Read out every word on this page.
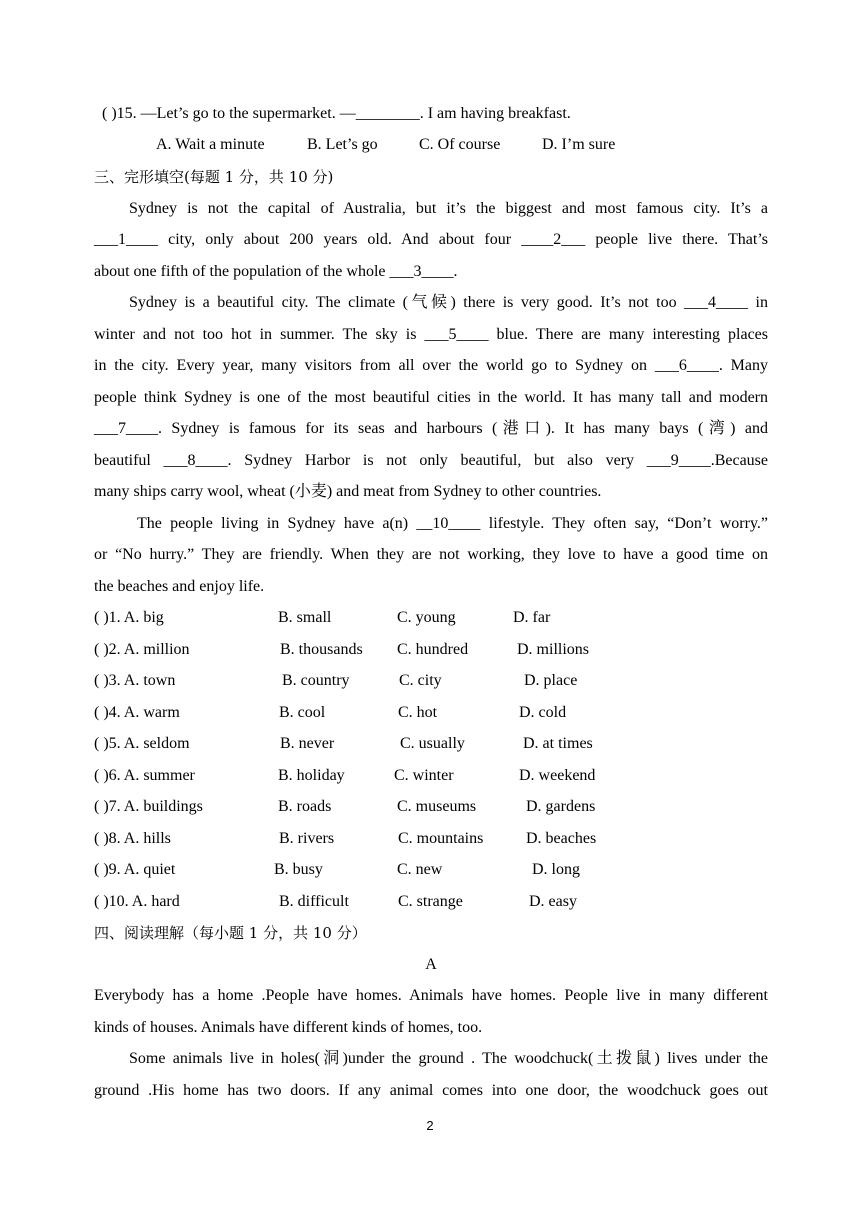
( )15. —Let’s go to the supermarket. —________. I am having breakfast.
A. Wait a minute	B. Let’s go	C. Of course	D. I’m sure
三、完形填空(每题 1 分，共 10 分)
Sydney is not the capital of Australia, but it’s the biggest and most famous city. It’s a
___1____ city, only about 200 years old. And about four ____2___ people live there. That’s
about one fifth of the population of the whole ___3____.
Sydney is a beautiful city. The climate (气候) there is very good. It’s not too ___4____ in
winter and not too hot in summer. The sky is ___5____ blue. There are many interesting places
in the city. Every year, many visitors from all over the world go to Sydney on ___6____. Many
people think Sydney is one of the most beautiful cities in the world. It has many tall and modern
___7____. Sydney is famous for its seas and harbours (港口). It has many bays (湾) and
beautiful ___8____. Sydney Harbor is not only beautiful, but also very ___9____.Because
many ships carry wool, wheat (小麦) and meat from Sydney to other countries.
The people living in Sydney have a(n) __10____ lifestyle. They often say, “Don’t worry.”
or “No hurry.” They are friendly. When they are not working, they love to have a good time on
the beaches and enjoy life.
( )1. A. big	B. small	C. young	D. far
( )2. A. million	B. thousands C. hundred	D. millions
( )3. A. town	B. country	C. city	D. place
( )4. A. warm	B. cool	C. hot	D. cold
( )5. A. seldom	B. never	C. usually	D. at times
( )6. A. summer	B. holiday	C. winter	D. weekend
( )7. A. buildings	B. roads	C. museums	D. gardens
( )8. A. hills	B. rivers	C. mountains	D. beaches
( )9. A. quiet	B. busy	C. new	D. long
( )10. A. hard	B. difficult	C. strange	D. easy
四、阅读理解（每小题 1 分，共 10 分）
A
Everybody has a home .People have homes. Animals have homes. People live in many different
kinds of houses. Animals have different kinds of homes, too.
Some animals live in holes(洞)under the ground . The woodchuck(土拨鼠) lives under the
ground .His home has two doors. If any animal comes into one door, the woodchuck goes out
2
